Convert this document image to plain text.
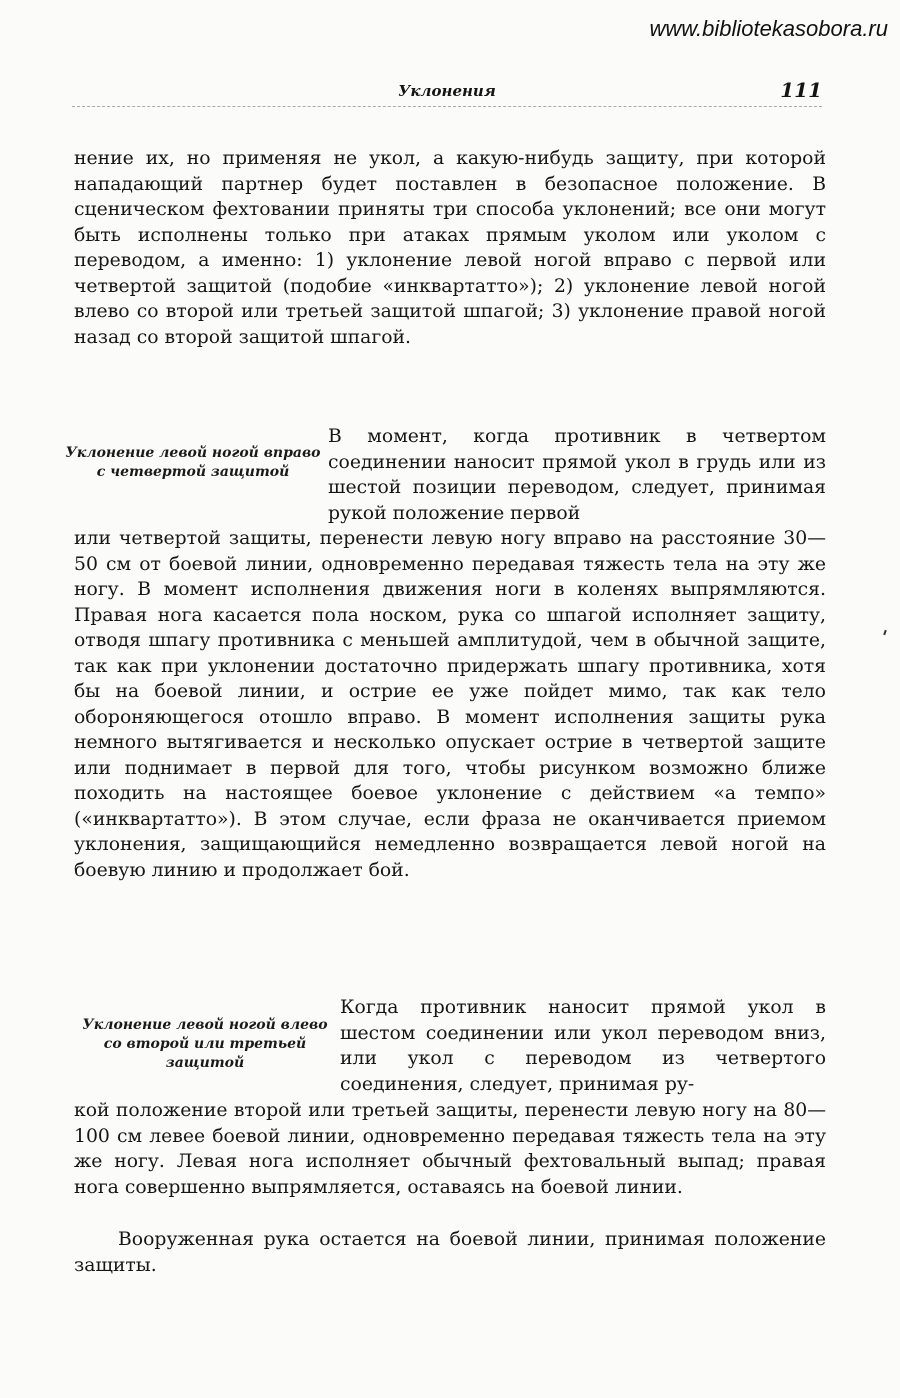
www.bibliotekasobora.ru
Уклонения	111

нение их, но применяя не укол, а какую-нибудь защиту, при которой нападающий партнер будет поставлен в безопасное положение. В сценическом фехтовании приняты три способа уклонений; все они могут быть исполнены только при атаках прямым уколом или уколом с переводом, а именно: 1) уклонение левой ногой вправо с первой или четвертой защитой (подобие «инквартатто»); 2) уклонение левой ногой влево со второй или третьей защитой шпагой; 3) уклонение правой ногой назад со второй защитой шпагой.

Уклонение левой ногой вправо с четвертой защитой

В момент, когда противник в четвертом соединении наносит прямой укол в грудь или из шестой позиции переводом, следует, принимая рукой положение первой

или четвертой защиты, перенести левую ногу вправо на расстояние 30—50 см от боевой линии, одновременно передавая тяжесть тела на эту же ногу. В момент исполнения движения ноги в коленях выпрямляются. Правая нога касается пола носком, рука со шпагой исполняет защиту, отводя шпагу противника с меньшей амплитудой, чем в обычной защите, так как при уклонении достаточно придержать шпагу противника, хотя бы на боевой линии, и острие ее уже пойдет мимо, так как тело обороняющегося отошло вправо. В момент исполнения защиты рука немного вытягивается и несколько опускает острие в четвертой защите или поднимает в первой для того, чтобы рисунком возможно ближе походить на настоящее боевое уклонение с действием «а темпо» («инквартатто»). В этом случае, если фраза не оканчивается приемом уклонения, защищающийся немедленно возвращается левой ногой на боевую линию и продолжает бой.

Уклонение левой ногой влево со второй или третьей защитой

Когда противник наносит прямой укол в шестом соединении или укол переводом вниз, или укол с переводом из четвертого соединения, следует, принимая ру-

кой положение второй или третьей защиты, перенести левую ногу на 80—100 см левее боевой линии, одновременно передавая тяжесть тела на эту же ногу. Левая нога исполняет обычный фехтовальный выпад; правая нога совершенно выпрямляется, оставаясь на боевой линии.

Вооруженная рука остается на боевой линии, принимая положение защиты.
